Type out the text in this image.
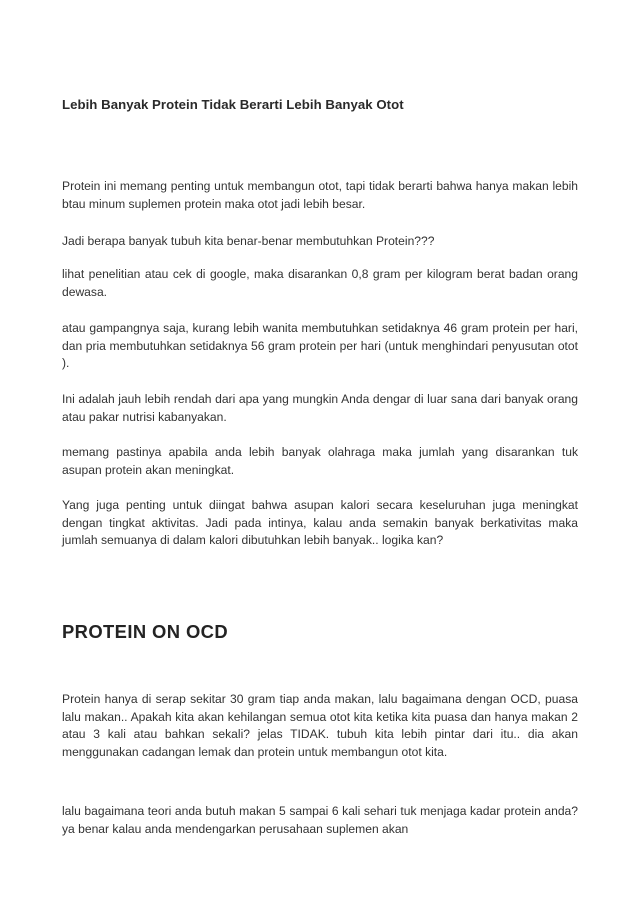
Lebih Banyak Protein Tidak Berarti Lebih Banyak Otot

Protein ini memang penting untuk membangun otot, tapi tidak berarti bahwa hanya makan lebih btau minum suplemen protein maka otot jadi lebih besar.

Jadi berapa banyak tubuh kita benar-benar membutuhkan Protein???

lihat penelitian atau cek di google, maka disarankan 0,8 gram per kilogram berat badan orang dewasa.

atau gampangnya saja, kurang lebih wanita membutuhkan setidaknya 46 gram protein per hari, dan pria membutuhkan setidaknya 56 gram protein per hari (untuk menghindari penyusutan otot ).

Ini adalah jauh lebih rendah dari apa yang mungkin Anda dengar di luar sana dari banyak orang atau pakar nutrisi kabanyakan.

memang pastinya apabila anda lebih banyak olahraga maka jumlah yang disarankan tuk asupan protein akan meningkat.

Yang juga penting untuk diingat bahwa asupan kalori secara keseluruhan juga meningkat dengan tingkat aktivitas. Jadi pada intinya, kalau anda semakin banyak berkativitas maka jumlah semuanya di dalam kalori dibutuhkan lebih banyak.. logika kan?

PROTEIN ON OCD

Protein hanya di serap sekitar 30 gram tiap anda makan, lalu bagaimana dengan OCD, puasa lalu makan.. Apakah kita akan kehilangan semua otot kita ketika kita puasa dan hanya makan 2 atau 3 kali atau bahkan sekali? jelas TIDAK. tubuh kita lebih pintar dari itu.. dia akan menggunakan cadangan lemak dan protein untuk membangun otot kita.

lalu bagaimana teori anda butuh makan 5 sampai 6 kali sehari tuk menjaga kadar protein anda? ya benar kalau anda mendengarkan perusahaan suplemen akan
